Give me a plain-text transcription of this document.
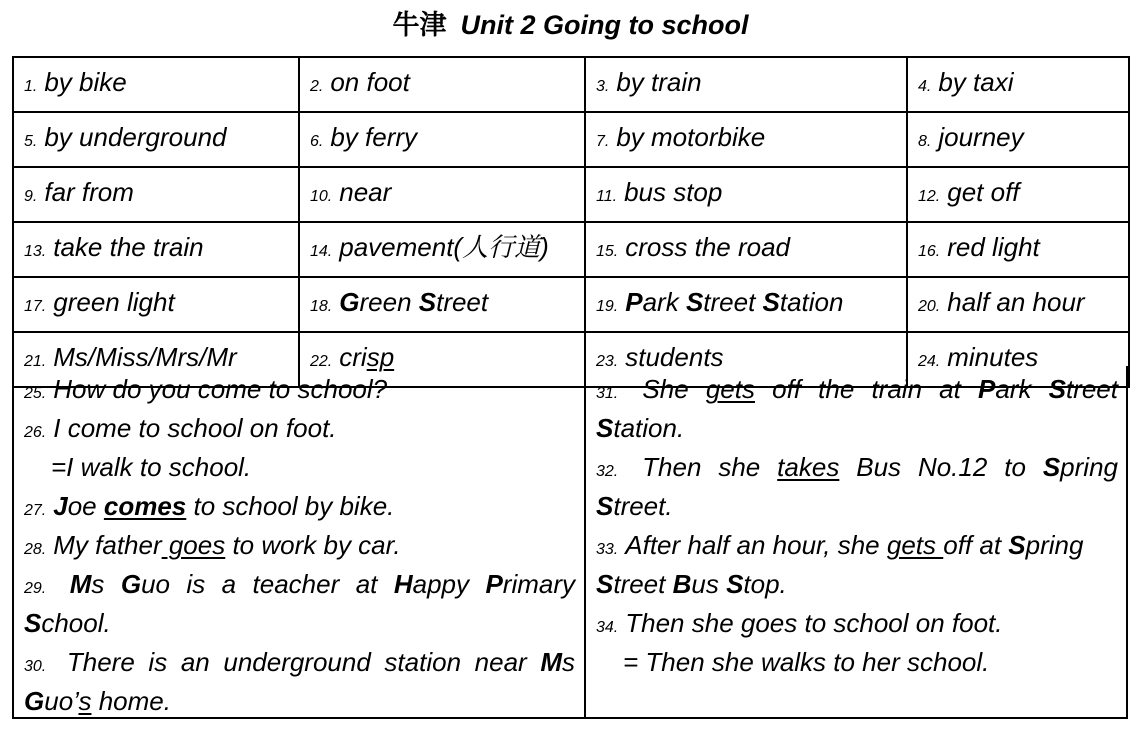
牛津 Unit 2 Going to school
1. by bike	2. on foot	3. by train	4. by taxi
5. by underground	6. by ferry	7. by motorbike	8. journey
9. far from	10. near	11. bus stop	12. get off
13. take the train	14. pavement(人行道)	15. cross the road	16. red light
17. green light	18. Green Street	19. Park Street Station	20. half an hour
21. Ms/Miss/Mrs/Mr	22. crisp	23. students	24. minutes
25. How do you come to school?
26. I come to school on foot.
=I walk to school.
27. Joe comes to school by bike.
28. My father goes to work by car.
29. Ms Guo is a teacher at Happy Primary
School.
30. There is an underground station near Ms
Guo’s home.
31. She gets off the train at Park Street
Station.
32. Then she takes Bus No.12 to Spring
Street.
33. After half an hour, she gets off at Spring
Street Bus Stop.
34. Then she goes to school on foot.
= Then she walks to her school.
